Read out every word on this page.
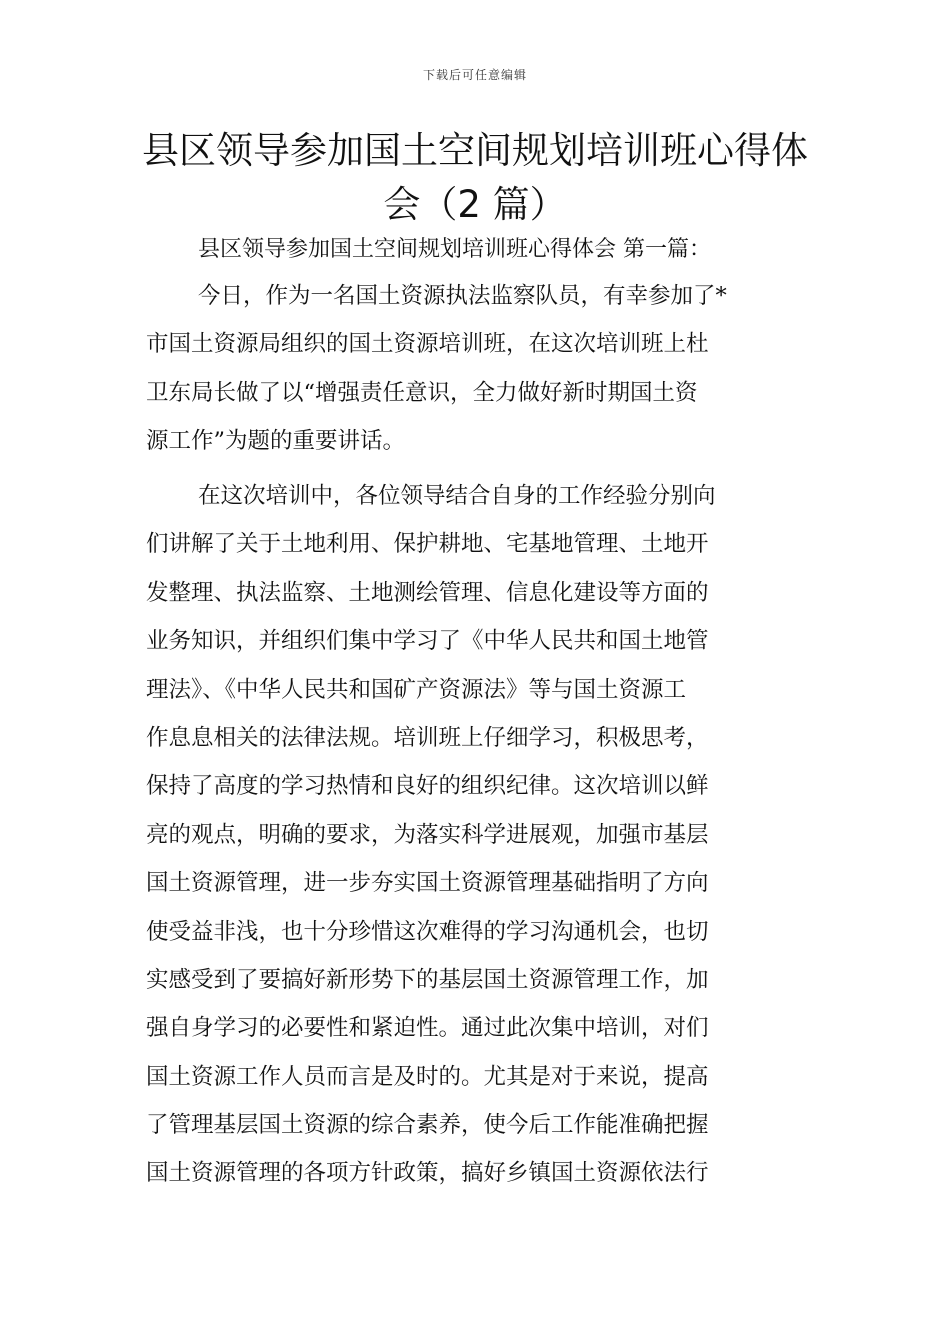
下载后可任意编辑
县区领导参加国土空间规划培训班心得体
会（2 篇）
县区领导参加国土空间规划培训班心得体会 第一篇：
今日，作为一名国土资源执法监察队员，有幸参加了*
市国土资源局组织的国土资源培训班，在这次培训班上杜
卫东局长做了以“增强责任意识，全力做好新时期国土资
源工作”为题的重要讲话。
在这次培训中，各位领导结合自身的工作经验分别向
们讲解了关于土地利用、保护耕地、宅基地管理、土地开
发整理、执法监察、土地测绘管理、信息化建设等方面的
业务知识，并组织们集中学习了《中华人民共和国土地管
理法》、《中华人民共和国矿产资源法》等与国土资源工
作息息相关的法律法规。培训班上仔细学习，积极思考，
保持了高度的学习热情和良好的组织纪律。这次培训以鲜
亮的观点，明确的要求，为落实科学进展观，加强市基层
国土资源管理，进一步夯实国土资源管理基础指明了方向
使受益非浅，也十分珍惜这次难得的学习沟通机会，也切
实感受到了要搞好新形势下的基层国土资源管理工作，加
强自身学习的必要性和紧迫性。通过此次集中培训，对们
国土资源工作人员而言是及时的。尤其是对于来说，提高
了管理基层国土资源的综合素养，使今后工作能准确把握
国土资源管理的各项方针政策，搞好乡镇国土资源依法行
